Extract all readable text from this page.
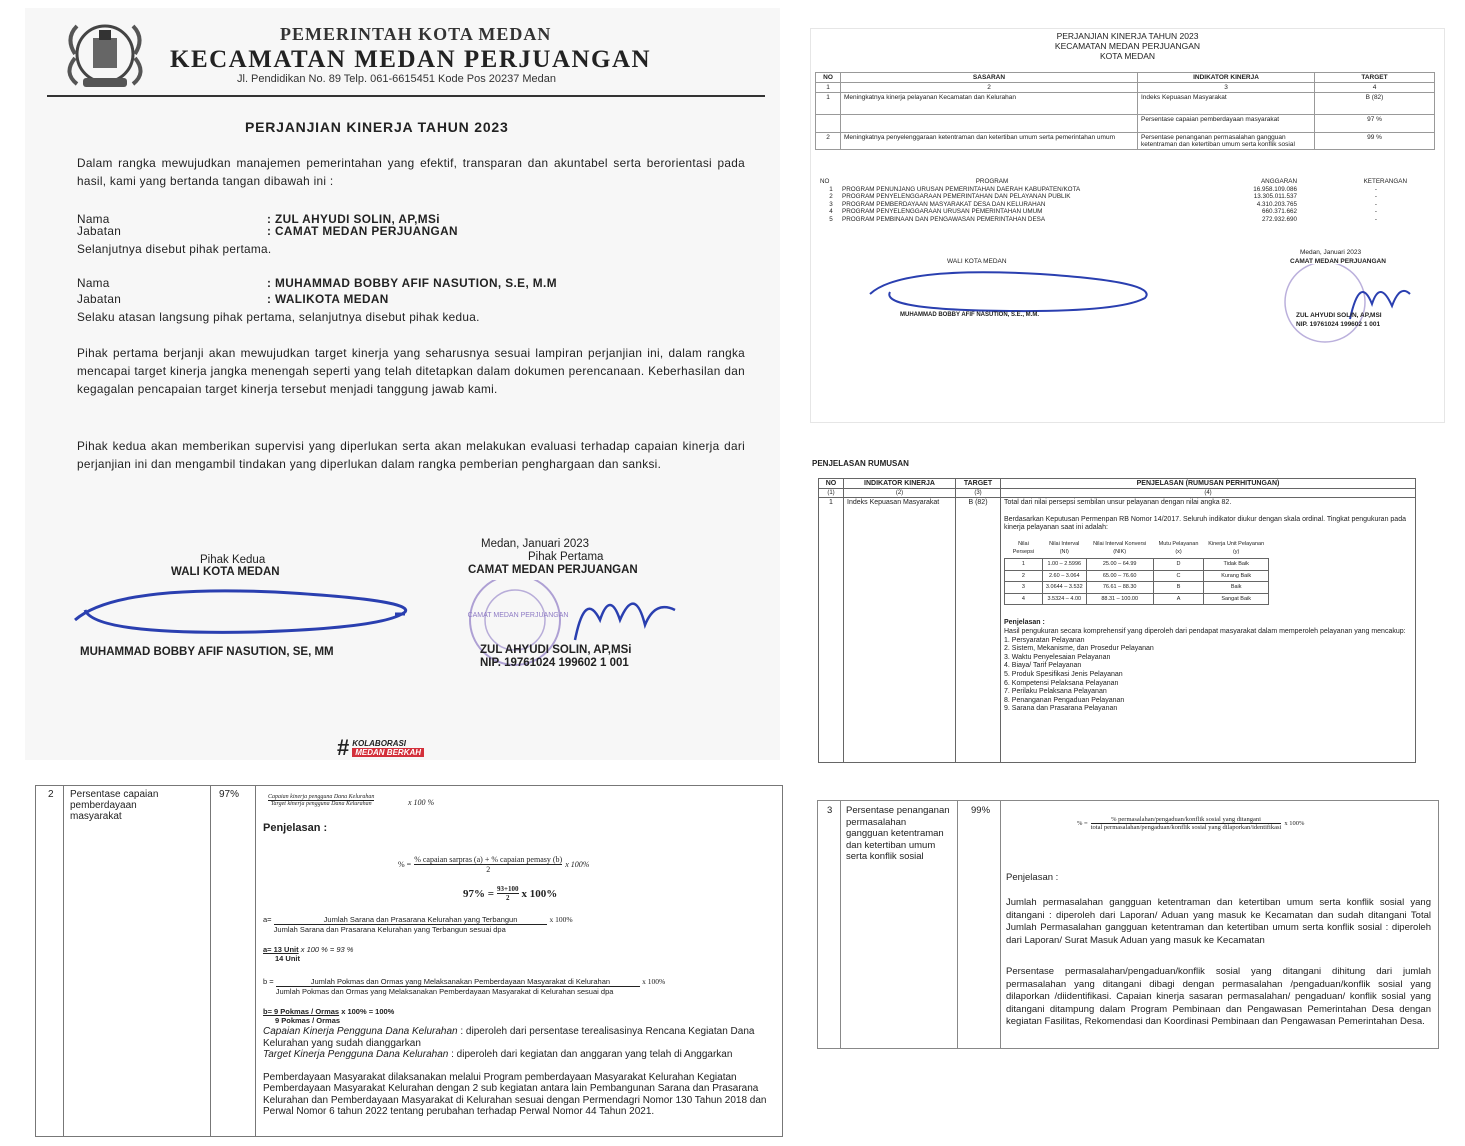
PEMERINTAH KOTA MEDAN
KECAMATAN MEDAN PERJUANGAN
Jl. Pendidikan No. 89 Telp. 061-6615451 Kode Pos 20237 Medan
PERJANJIAN KINERJA TAHUN 2023
Dalam rangka mewujudkan manajemen pemerintahan yang efektif, transparan dan akuntabel serta berorientasi pada hasil, kami yang bertanda tangan dibawah ini :
Nama	: ZUL AHYUDI SOLIN, AP,MSi
Jabatan	: CAMAT MEDAN PERJUANGAN
Selanjutnya disebut pihak pertama.
Nama	: MUHAMMAD BOBBY AFIF NASUTION, S.E, M.M
Jabatan	: WALIKOTA MEDAN
Selaku atasan langsung pihak pertama, selanjutnya disebut pihak kedua.
Pihak pertama berjanji akan mewujudkan target kinerja yang seharusnya sesuai lampiran perjanjian ini, dalam rangka mencapai target kinerja jangka menengah seperti yang telah ditetapkan dalam dokumen perencanaan. Keberhasilan dan kegagalan pencapaian target kinerja tersebut menjadi tanggung jawab kami.
Pihak kedua akan memberikan supervisi yang diperlukan serta akan melakukan evaluasi terhadap capaian kinerja dari perjanjian ini dan mengambil tindakan yang diperlukan dalam rangka pemberian penghargaan dan sanksi.
Medan, Januari 2023
Pihak Kedua
WALI KOTA MEDAN
Pihak Pertama
CAMAT MEDAN PERJUANGAN
CAMAT MEDAN PERJUANGAN
MUHAMMAD BOBBY AFIF NASUTION, SE, MM	ZUL AHYUDI SOLIN, AP,MSi
NIP. 19761024 199602 1 001
# KOLABORASI
MEDAN BERKAH
PERJANJIAN KINERJA TAHUN 2023
KECAMATAN MEDAN PERJUANGAN
KOTA MEDAN
NO	SASARAN	INDIKATOR KINERJA	TARGET
1	2	3	4
1	Meningkatnya kinerja pelayanan Kecamatan dan Kelurahan	Indeks Kepuasan Masyarakat	B (82)
		Persentase capaian pemberdayaan masyarakat	97 %
2	Meningkatnya penyelenggaraan ketentraman dan ketertiban umum serta pemerintahan umum	Persentase penanganan permasalahan gangguan ketentraman dan ketertiban umum serta konflik sosial	99 %
NO	PROGRAM	ANGGARAN	KETERANGAN
1	PROGRAM PENUNJANG URUSAN PEMERINTAHAN DAERAH KABUPATEN/KOTA	16.958.109.086	-
2	PROGRAM PENYELENGGARAAN PEMERINTAHAN DAN PELAYANAN PUBLIK	13.305.011.537	-
3	PROGRAM PEMBERDAYAAN MASYARAKAT DESA DAN KELURAHAN	4.310.203.765	-
4	PROGRAM PENYELENGGARAAN URUSAN PEMERINTAHAN UMUM	660.371.662	-
5	PROGRAM PEMBINAAN DAN PENGAWASAN PEMERINTAHAN DESA	272.932.690	-
Medan, Januari 2023
WALI KOTA MEDAN	CAMAT MEDAN PERJUANGAN
MUHAMMAD BOBBY AFIF NASUTION, S.E., M.M.	ZUL AHYUDI SOLIN, AP,MSI
NIP. 19761024 199602 1 001
PENJELASAN RUMUSAN
NO	INDIKATOR KINERJA	TARGET	PENJELASAN (RUMUSAN PERHITUNGAN)
(1)	(2)	(3)	(4)
1	Indeks Kepuasan Masyarakat	B (82)	Total dari nilai persepsi sembilan unsur pelayanan dengan nilai angka 82.
Berdasarkan Keputusan Permenpan RB Nomor 14/2017. Seluruh indikator diukur dengan skala ordinal. Tingkat pengukuran pada kinerja pelayanan saat ini adalah:
Nilai Persepsi	Nilai Interval (NI)	Nilai Interval Konversi (NIK)	Mutu Pelayanan (x)	Kinerja Unit Pelayanan (y)
1	1.00 – 2.5996	25.00 – 64.99	D	Tidak Baik
2	2.60 – 3.064	65.00 – 76.60	C	Kurang Baik
3	3.0644 – 3.532	76.61 – 88.30	B	Baik
4	3.5324 – 4.00	88.31 – 100.00	A	Sangat Baik
Penjelasan :
Hasil pengukuran secara komprehensif yang diperoleh dari pendapat masyarakat dalam memperoleh pelayanan yang mencakup:
1. Persyaratan Pelayanan
2. Sistem, Mekanisme, dan Prosedur Pelayanan
3. Waktu Penyelesaian Pelayanan
4. Biaya/ Tarif Pelayanan
5. Produk Spesifikasi Jenis Pelayanan
6. Kompetensi Pelaksana Pelayanan
7. Perilaku Pelaksana Pelayanan
8. Penanganan Pengaduan Pelayanan
9. Sarana dan Prasarana Pelayanan
2 Persentase capaian pemberdayaan masyarakat
97%	Capaian kinerja pengguna Dana Kelurahan
Target kinerja pengguna Dana Kelurahan	x 100 %
Penjelasan :
% =
% capaian sarpras (a) + % capaian pemasy (b)
2
x 100%
$97\% = \frac{93+100}{2}$ x 100%
a=	Jumlah Sarana dan Prasarana Kelurahan yang Terbangun
Jumlah Sarana dan Prasarana Kelurahan yang Terbangun sesuai dpa
x 100%
a= 13 Unit x 100 % = 93 %
14 Unit
b =	Jumlah Pokmas dan Ormas yang Melaksanakan Pemberdayaan Masyarakat di Kelurahan
Jumlah Pokmas dan Ormas yang Melaksanakan Pemberdayaan Masyarakat di Kelurahan sesuai dpa
x 100%
b= 9 Pokmas / Ormas x 100% = 100%
9 Pokmas / Ormas
Capaian Kinerja Pengguna Dana Kelurahan : diperoleh dari persentase terealisasinya Rencana Kegiatan Dana Kelurahan yang sudah dianggarkan
Target Kinerja Pengguna Dana Kelurahan : diperoleh dari kegiatan dan anggaran yang telah di Anggarkan
Pemberdayaan Masyarakat dilaksanakan melalui Program pemberdayaan Masyarakat Kelurahan Kegiatan Pemberdayaan Masyarakat Kelurahan dengan 2 sub kegiatan antara lain Pembangunan Sarana dan Prasarana Kelurahan dan Pemberdayaan Masyarakat di Kelurahan sesuai dengan Permendagri Nomor 130 Tahun 2018 dan Perwal Nomor 6 tahun 2022 tentang perubahan terhadap Perwal Nomor 44 Tahun 2021.
3 Persentase penanganan permasalahan gangguan ketentraman dan ketertiban umum serta konflik sosial
99%
% =
% permasalahan/pengaduan/konflik sosial yang ditangani
total permasalahan/pengaduan/konflik sosial yang dilaporkan/identifikasi
x 100%
Penjelasan :
Jumlah permasalahan gangguan ketentraman dan ketertiban umum serta konflik sosial yang ditangani : diperoleh dari Laporan/ Aduan yang masuk ke Kecamatan dan sudah ditangani Total Jumlah Permasalahan gangguan ketentraman dan ketertiban umum serta konflik sosial : diperoleh dari Laporan/ Surat Masuk Aduan yang masuk ke Kecamatan
Persentase permasalahan/pengaduan/konflik sosial yang ditangani dihitung dari jumlah permasalahan yang ditangani dibagi dengan permasalahan /pengaduan/konflik sosial yang dilaporkan /diidentifikasi. Capaian kinerja sasaran permasalahan/ pengaduan/ konflik sosial yang ditangani ditampung dalam Program Pembinaan dan Pengawasan Pemerintahan Desa dengan kegiatan Fasilitas, Rekomendasi dan Koordinasi Pembinaan dan Pengawasan Pemerintahan Desa.
